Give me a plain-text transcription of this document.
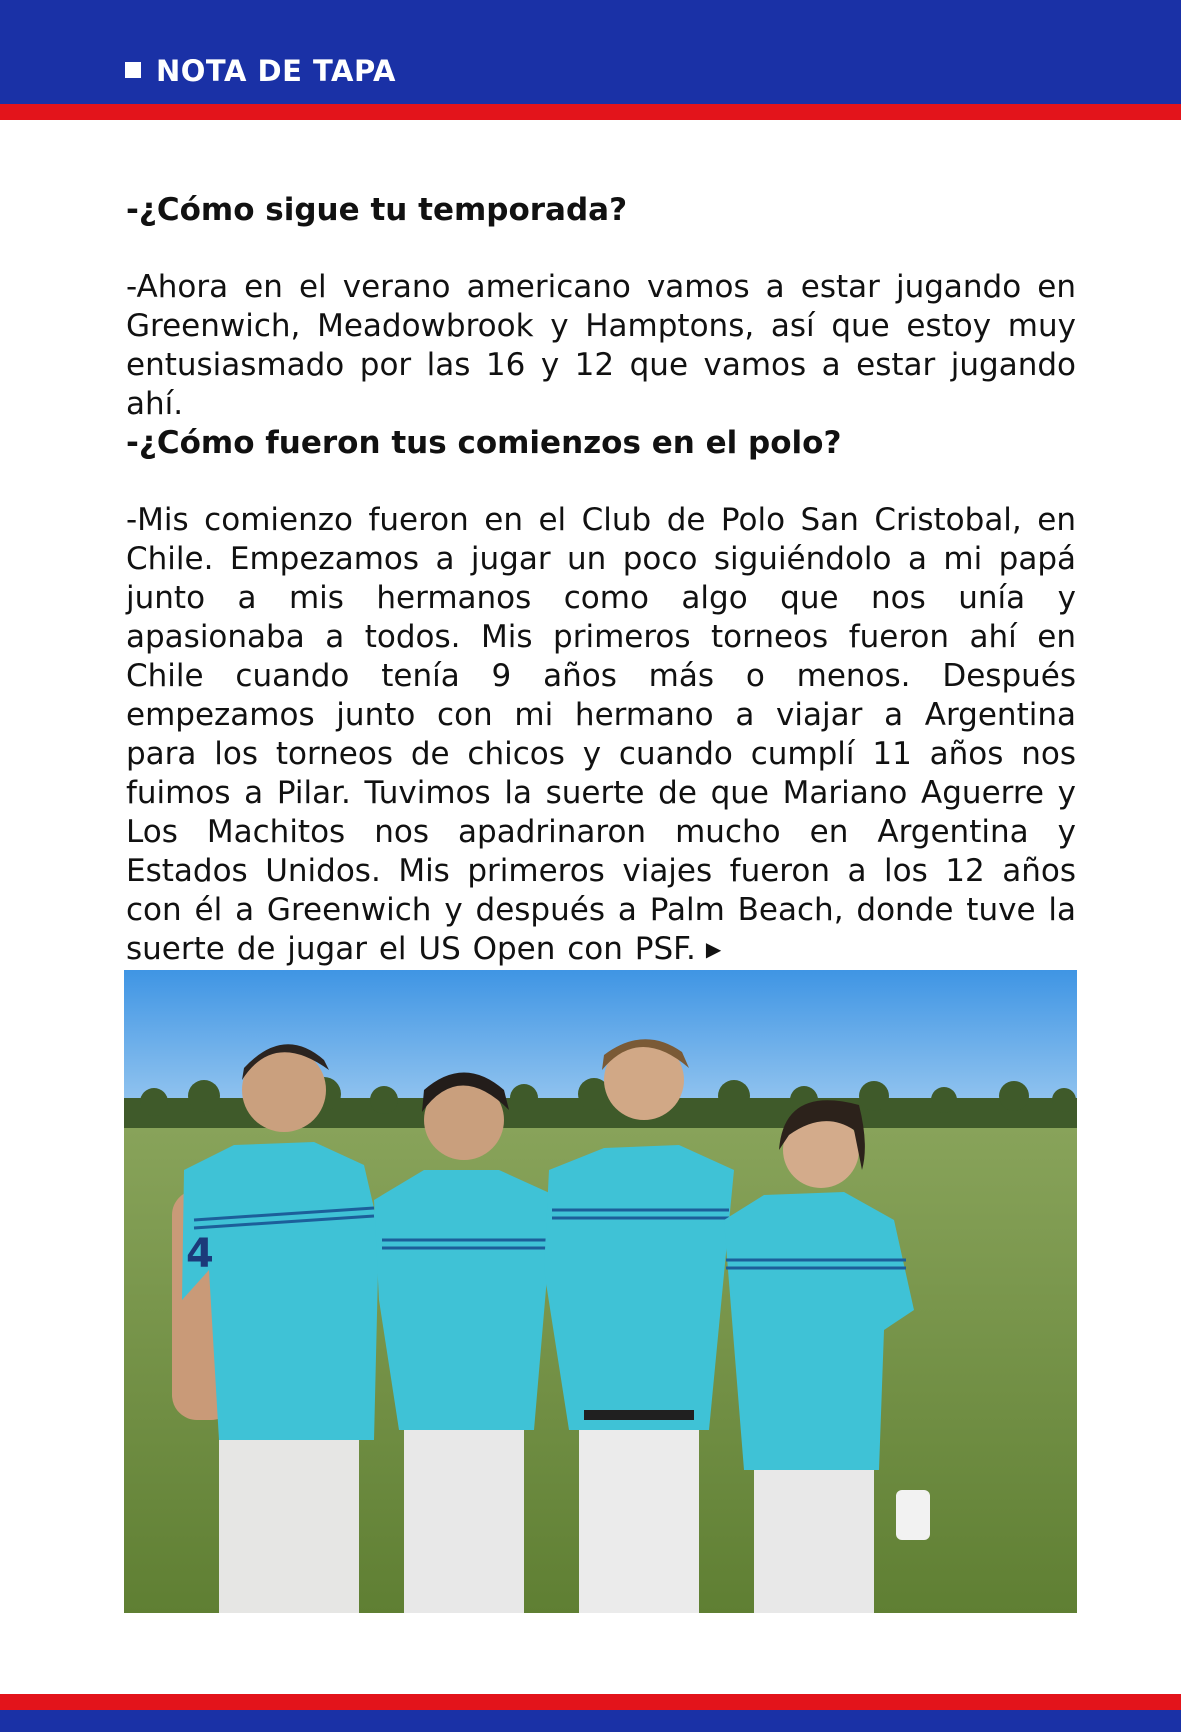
NOTA DE TAPA

-¿Cómo sigue tu temporada?

-Ahora en el verano americano vamos a estar jugando en Greenwich, Meadowbrook y Hamptons, así que estoy muy entusiasmado por las 16 y 12 que vamos a estar jugando ahí.

-¿Cómo fueron tus comienzos en el polo?

-Mis comienzo fueron en el Club de Polo San Cristobal, en Chile. Empezamos a jugar un poco siguiéndolo a mi papá junto a mis hermanos como algo que nos unía y apasionaba a todos. Mis primeros torneos fueron ahí en Chile cuando tenía 9 años más o menos. Después empezamos junto con mi hermano a viajar a Argentina para los torneos de chicos y cuando cumplí 11 años nos fuimos a Pilar. Tuvimos la suerte de que Mariano Aguerre y Los Machitos nos apadrinaron mucho en Argentina y Estados Unidos. Mis primeros viajes fueron a los 12 años con él a Greenwich y después a Palm Beach, donde tuve la suerte de jugar el US Open con PSF. ▶

4
